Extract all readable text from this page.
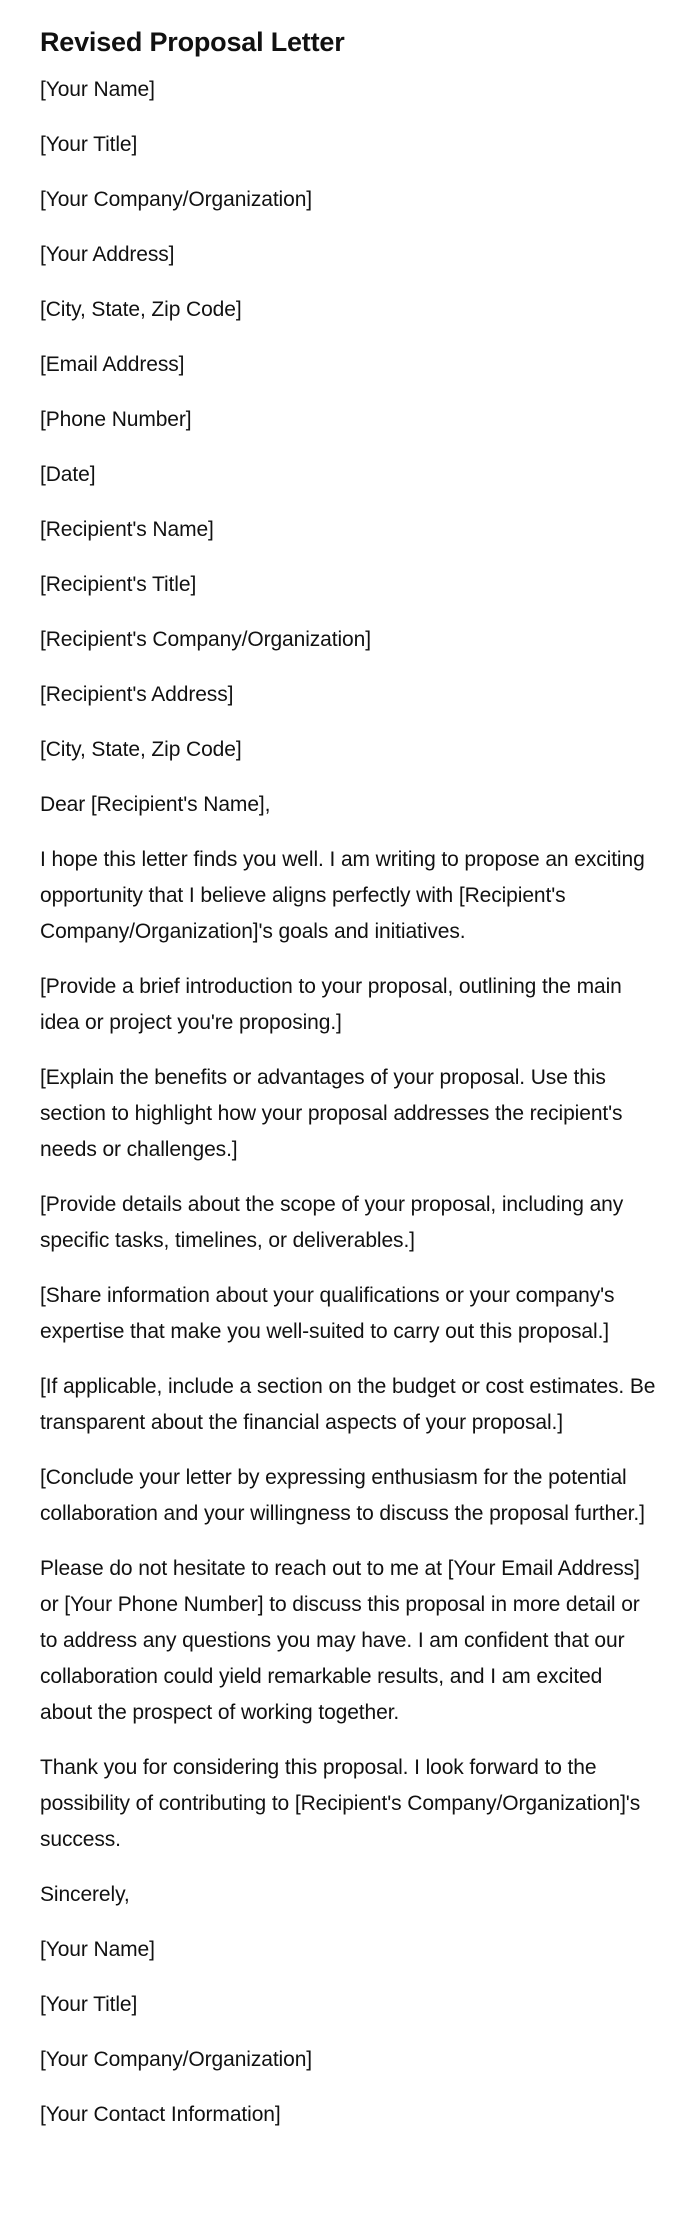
Revised Proposal Letter

[Your Name]

[Your Title]

[Your Company/Organization]

[Your Address]

[City, State, Zip Code]

[Email Address]

[Phone Number]

[Date]

[Recipient's Name]

[Recipient's Title]

[Recipient's Company/Organization]

[Recipient's Address]

[City, State, Zip Code]

Dear [Recipient's Name],

I hope this letter finds you well. I am writing to propose an exciting opportunity that I believe aligns perfectly with [Recipient's Company/Organization]'s goals and initiatives.

[Provide a brief introduction to your proposal, outlining the main idea or project you're proposing.]

[Explain the benefits or advantages of your proposal. Use this section to highlight how your proposal addresses the recipient's needs or challenges.]

[Provide details about the scope of your proposal, including any specific tasks, timelines, or deliverables.]

[Share information about your qualifications or your company's expertise that make you well-suited to carry out this proposal.]

[If applicable, include a section on the budget or cost estimates. Be transparent about the financial aspects of your proposal.]

[Conclude your letter by expressing enthusiasm for the potential collaboration and your willingness to discuss the proposal further.]

Please do not hesitate to reach out to me at [Your Email Address] or [Your Phone Number] to discuss this proposal in more detail or to address any questions you may have. I am confident that our collaboration could yield remarkable results, and I am excited about the prospect of working together.

Thank you for considering this proposal. I look forward to the possibility of contributing to [Recipient's Company/Organization]'s success.

Sincerely,

[Your Name]

[Your Title]

[Your Company/Organization]

[Your Contact Information]
